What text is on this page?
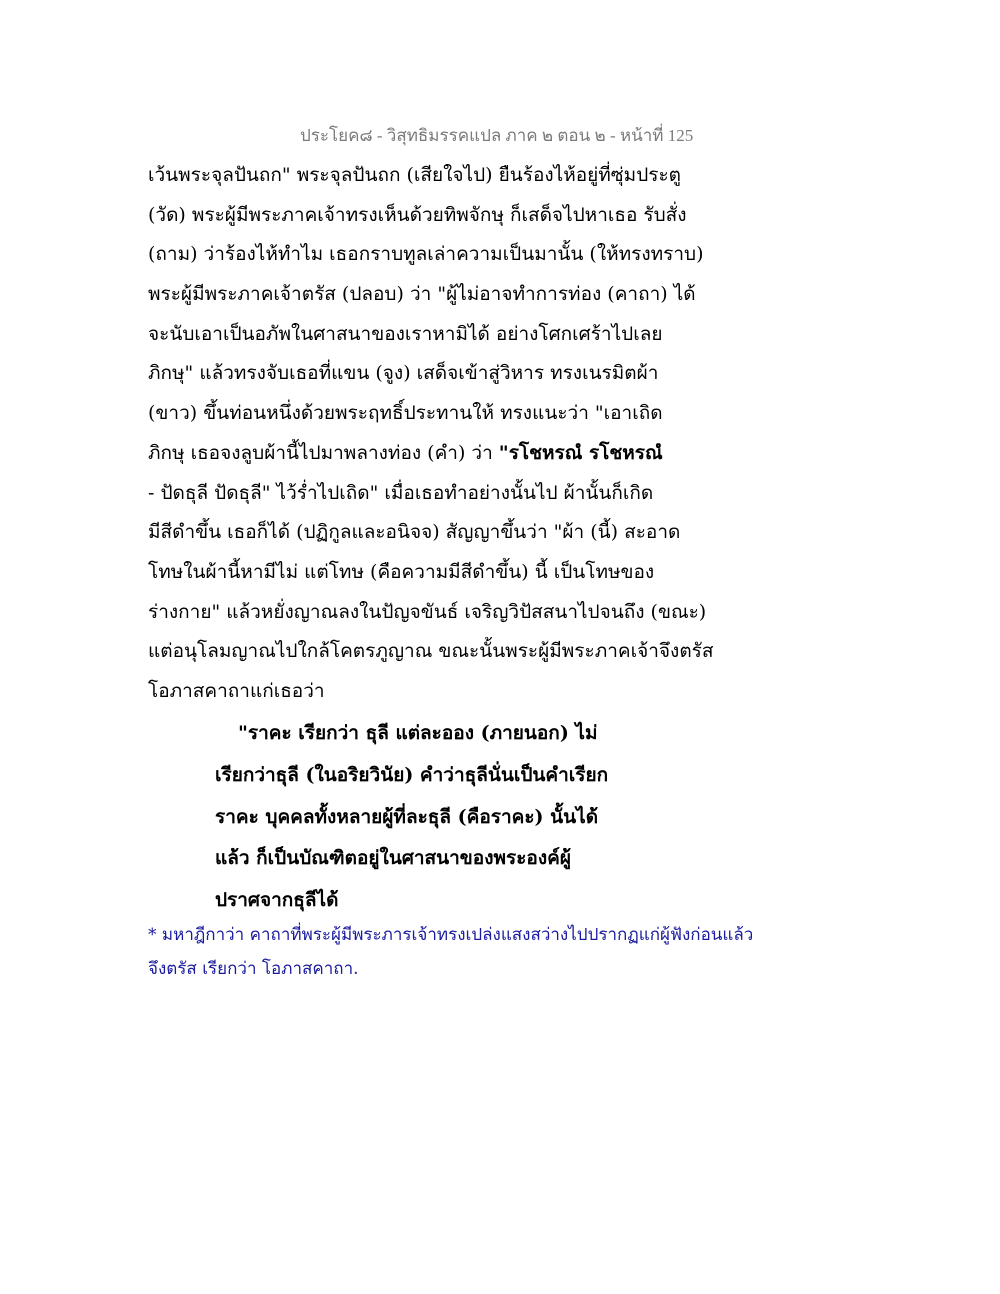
ประโยค๘ - วิสุทธิมรรคแปล ภาค ๒ ตอน ๒ - หน้าที่ 125
เว้นพระจุลปันถก" พระจุลปันถก (เสียใจไป) ยืนร้องไห้อยู่ที่ซุ่มประตู
(วัด) พระผู้มีพระภาคเจ้าทรงเห็นด้วยทิพจักษุ ก็เสด็จไปหาเธอ รับสั่ง
(ถาม) ว่าร้องไห้ทำไม เธอกราบทูลเล่าความเป็นมานั้น (ให้ทรงทราบ)
พระผู้มีพระภาคเจ้าตรัส (ปลอบ) ว่า "ผู้ไม่อาจทำการท่อง (คาถา) ได้
จะนับเอาเป็นอภัพในศาสนาของเราหามิได้ อย่างโศกเศร้าไปเลย
ภิกษุ" แล้วทรงจับเธอที่แขน (จูง) เสด็จเข้าสู่วิหาร ทรงเนรมิตผ้า
(ขาว) ขึ้นท่อนหนึ่งด้วยพระฤทธิ์ประทานให้ ทรงแนะว่า "เอาเถิด
ภิกษุ เธอจงลูบผ้านี้ไปมาพลางท่อง (คำ) ว่า "รโชหรณํ รโชหรณํ
- ปัดธุลี ปัดธุลี" ไว้ร่ำไปเถิด" เมื่อเธอทำอย่างนั้นไป ผ้านั้นก็เกิด
มีสีดำขึ้น เธอก็ได้ (ปฏิกูลและอนิจจ) สัญญาขึ้นว่า "ผ้า (นี้) สะอาด
โทษในผ้านี้หามีไม่ แต่โทษ (คือความมีสีดำขึ้น) นี้ เป็นโทษของ
ร่างกาย" แล้วหยั่งญาณลงในปัญจขันธ์ เจริญวิปัสสนาไปจนถึง (ขณะ)
แต่อนุโลมญาณไปใกล้โคตรภูญาณ ขณะนั้นพระผู้มีพระภาคเจ้าจึงตรัส
โอภาสคาถาแก่เธอว่า
"ราคะ เรียกว่า ธุลี แต่ละออง (ภายนอก) ไม่
เรียกว่าธุลี (ในอริยวินัย) คำว่าธุลีนั่นเป็นคำเรียก
ราคะ บุคคลทั้งหลายผู้ที่ละธุลี (คือราคะ) นั้นได้
แล้ว ก็เป็นบัณฑิตอยู่ในศาสนาของพระองค์ผู้
ปราศจากธุลีได้
* มหาฎีกาว่า คาถาที่พระผู้มีพระภารเจ้าทรงเปล่งแสงสว่างไปปรากฏแก่ผู้ฟังก่อนแล้ว
จึงตรัส เรียกว่า โอภาสคาถา.
